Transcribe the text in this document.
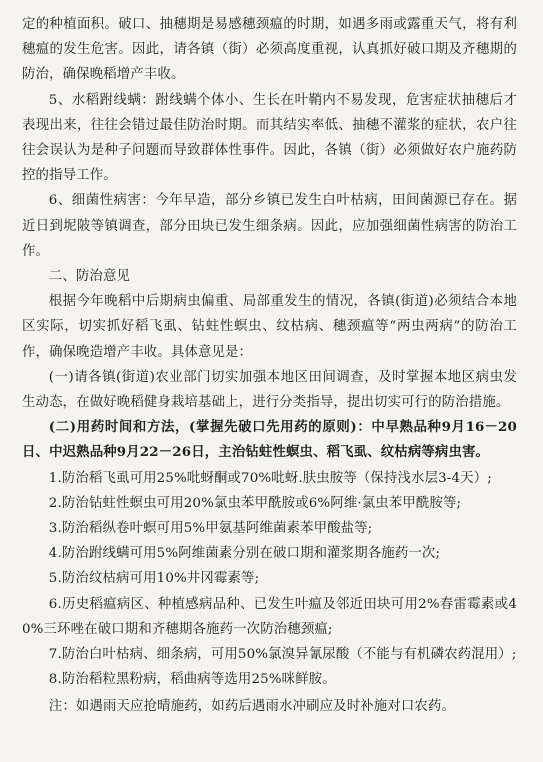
定的种植面积。破口、抽穗期是易感穗颈瘟的时期，如遇多雨或露重天气，将有利穗瘟的发生危害。因此，请各镇（街）必须高度重视，认真抓好破口期及齐穗期的防治，确保晚稻增产丰收。

5、水稻跗线螨：跗线螨个体小、生长在叶鞘内不易发现，危害症状抽穗后才表现出来，往往会错过最佳防治时期。而其结实率低、抽穗不灌浆的症状，农户往往会误认为是种子问题而导致群体性事件。因此，各镇（街）必须做好农户施药防控的指导工作。

6、细菌性病害：今年早造，部分乡镇已发生白叶枯病，田间菌源已存在。据近日到坭陂等镇调查，部分田块已发生细条病。因此，应加强细菌性病害的防治工作。

二、防治意见

根据今年晚稻中后期病虫偏重、局部重发生的情况，各镇(街道)必须结合本地区实际，切实抓好稻飞虱、钻蛀性螟虫、纹枯病、穗颈瘟等“两虫两病”的防治工作，确保晚造增产丰收。具体意见是：

(一)请各镇(街道)农业部门切实加强本地区田间调查，及时掌握本地区病虫发生动态，在做好晚稻健身栽培基础上，进行分类指导，提出切实可行的防治措施。

(二)用药时间和方法，(掌握先破口先用药的原则)：中早熟品种9月16－20日、中迟熟品种9月22－26日，主治钻蛀性螟虫、稻飞虱、纹枯病等病虫害。

1.防治稻飞虱可用25%吡蚜酮或70%吡蚜.肤虫胺等（保持浅水层3-4天）;

2.防治钻蛀性螟虫可用20%氯虫苯甲酰胺或6%阿维·氯虫苯甲酰胺等;

3.防治稻纵卷叶螟可用5%甲氨基阿维菌素苯甲酸盐等;

4.防治跗线螨可用5%阿维菌素分别在破口期和灌浆期各施药一次;

5.防治纹枯病可用10%井冈霉素等;

6.历史稻瘟病区、种植感病品种、已发生叶瘟及邻近田块可用2%春雷霉素或40%三环唑在破口期和齐穗期各施药一次防治穗颈瘟;

7.防治白叶枯病、细条病，可用50%氯溴异氰尿酸（不能与有机磷农药混用）;

8.防治稻粒黑粉病，稻曲病等选用25%咪鲜胺。

注：如遇雨天应抢晴施药，如药后遇雨水冲刷应及时补施对口农药。
